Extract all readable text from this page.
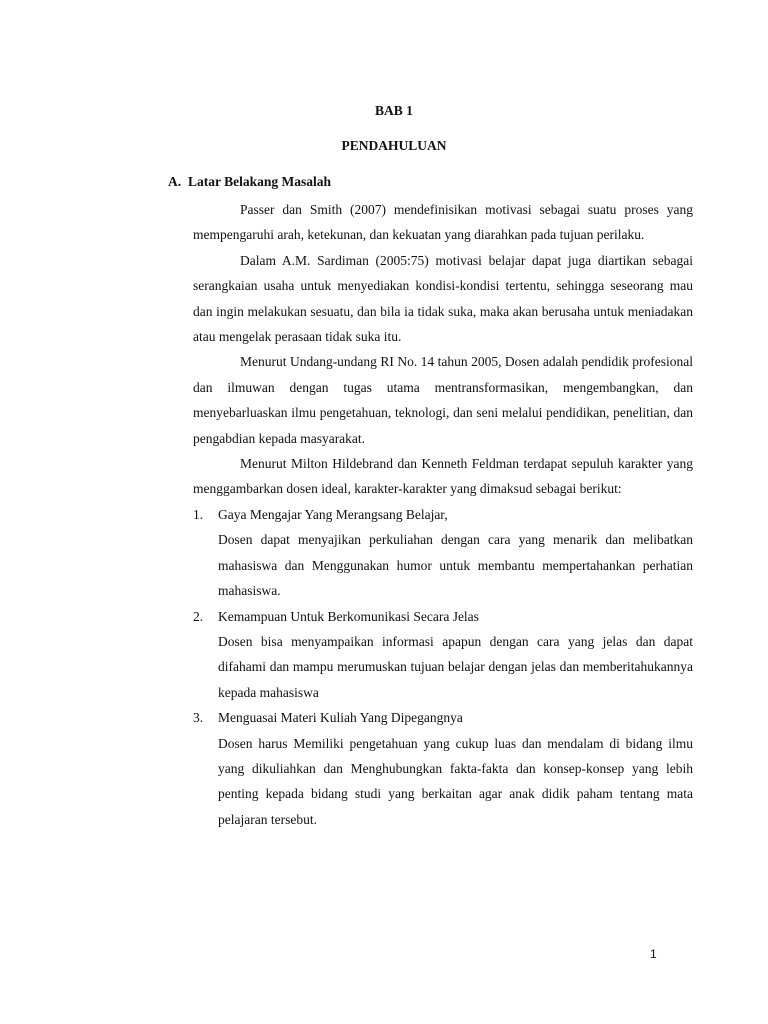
BAB 1
PENDAHULUAN
A. Latar Belakang Masalah

Passer dan Smith (2007) mendefinisikan motivasi sebagai suatu proses yang mempengaruhi arah, ketekunan, dan kekuatan yang diarahkan pada tujuan perilaku.

Dalam A.M. Sardiman (2005:75) motivasi belajar dapat juga diartikan sebagai serangkaian usaha untuk menyediakan kondisi-kondisi tertentu, sehingga seseorang mau dan ingin melakukan sesuatu, dan bila ia tidak suka, maka akan berusaha untuk meniadakan atau mengelak perasaan tidak suka itu.

Menurut Undang-undang RI No. 14 tahun 2005, Dosen adalah pendidik profesional dan ilmuwan dengan tugas utama mentransformasikan, mengembangkan, dan menyebarluaskan ilmu pengetahuan, teknologi, dan seni melalui pendidikan, penelitian, dan pengabdian kepada masyarakat.

Menurut Milton Hildebrand dan Kenneth Feldman terdapat sepuluh karakter yang menggambarkan dosen ideal, karakter-karakter yang dimaksud sebagai berikut:

1. Gaya Mengajar Yang Merangsang Belajar,

Dosen dapat menyajikan perkuliahan dengan cara yang menarik dan melibatkan mahasiswa dan Menggunakan humor untuk membantu mempertahankan perhatian mahasiswa.

2. Kemampuan Untuk Berkomunikasi Secara Jelas

Dosen bisa menyampaikan informasi apapun dengan cara yang jelas dan dapat difahami dan mampu merumuskan tujuan belajar dengan jelas dan memberitahukannya kepada mahasiswa

3. Menguasai Materi Kuliah Yang Dipegangnya

Dosen harus Memiliki pengetahuan yang cukup luas dan mendalam di bidang ilmu yang dikuliahkan dan Menghubungkan fakta-fakta dan konsep-konsep yang lebih penting kepada bidang studi yang berkaitan agar anak didik paham tentang mata pelajaran tersebut.

1
